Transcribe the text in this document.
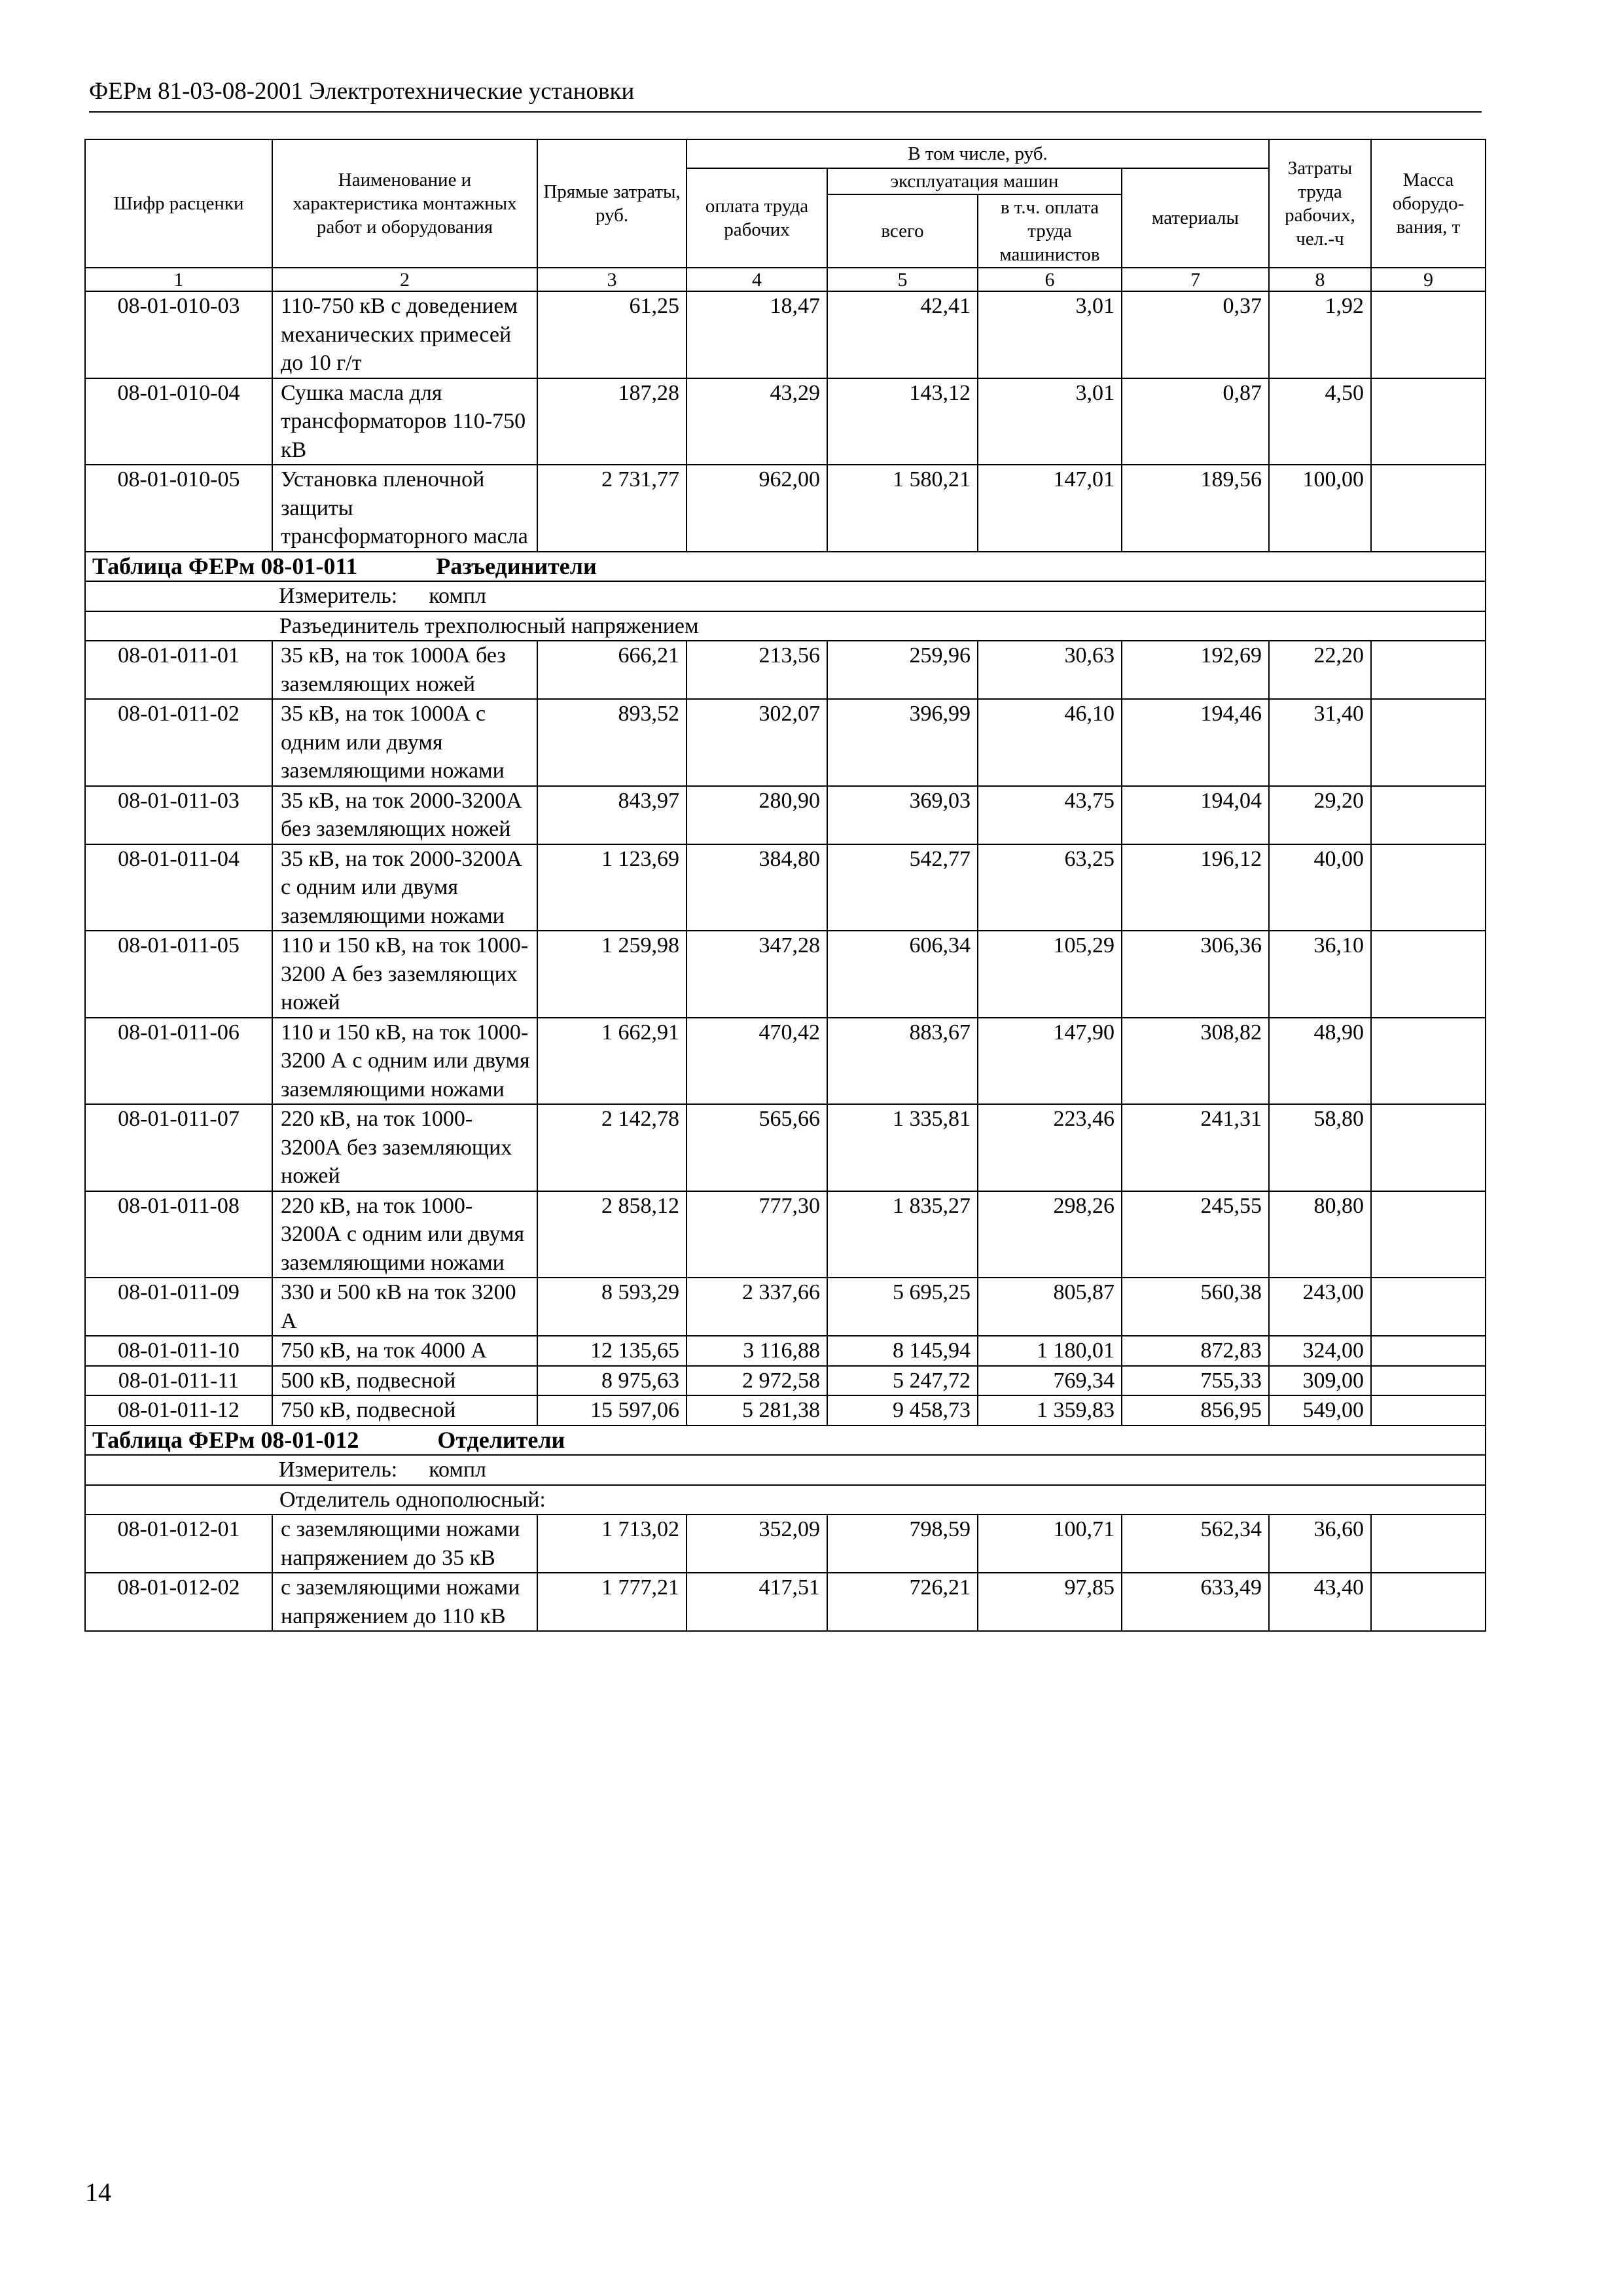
ФЕРм 81-03-08-2001 Электротехнические установки
Шифр расценки	Наименование и характеристика монтажных работ и оборудования	Прямые затраты, руб.	В том числе, руб.				Затраты труда рабочих, чел.-ч	Масса оборудо-вания, т
			оплата труда рабочих	эксплуатация машин		материалы		
				всего	в т.ч. оплата труда машинистов			
1	2	3	4	5	6	7	8	9
08-01-010-03	110-750 кВ с доведением механических примесей до 10 г/т	61,25	18,47	42,41	3,01	0,37	1,92	
08-01-010-04	Сушка масла для трансформаторов 110-750 кВ	187,28	43,29	143,12	3,01	0,87	4,50	
08-01-010-05	Установка пленочной защиты трансформаторного масла	2 731,77	962,00	1 580,21	147,01	189,56	100,00	
Таблица ФЕРм 08-01-011 Разъединители								
Измеритель: компл								
Разъединитель трехполюсный напряжением								
08-01-011-01	35 кВ, на ток 1000А без заземляющих ножей	666,21	213,56	259,96	30,63	192,69	22,20	
08-01-011-02	35 кВ, на ток 1000А с одним или двумя заземляющими ножами	893,52	302,07	396,99	46,10	194,46	31,40	
08-01-011-03	35 кВ, на ток 2000-3200А без заземляющих ножей	843,97	280,90	369,03	43,75	194,04	29,20	
08-01-011-04	35 кВ, на ток 2000-3200А с одним или двумя заземляющими ножами	1 123,69	384,80	542,77	63,25	196,12	40,00	
08-01-011-05	110 и 150 кВ, на ток 1000-3200 А без заземляющих ножей	1 259,98	347,28	606,34	105,29	306,36	36,10	
08-01-011-06	110 и 150 кВ, на ток 1000-3200 А с одним или двумя заземляющими ножами	1 662,91	470,42	883,67	147,90	308,82	48,90	
08-01-011-07	220 кВ, на ток 1000-3200А без заземляющих ножей	2 142,78	565,66	1 335,81	223,46	241,31	58,80	
08-01-011-08	220 кВ, на ток 1000-3200А с одним или двумя заземляющими ножами	2 858,12	777,30	1 835,27	298,26	245,55	80,80	
08-01-011-09	330 и 500 кВ на ток 3200 А	8 593,29	2 337,66	5 695,25	805,87	560,38	243,00	
08-01-011-10	750 кВ, на ток 4000 А	12 135,65	3 116,88	8 145,94	1 180,01	872,83	324,00	
08-01-011-11	500 кВ, подвесной	8 975,63	2 972,58	5 247,72	769,34	755,33	309,00	
08-01-011-12	750 кВ, подвесной	15 597,06	5 281,38	9 458,73	1 359,83	856,95	549,00	
Таблица ФЕРм 08-01-012 Отделители								
Измеритель: компл								
Отделитель однополюсный:								
08-01-012-01	с заземляющими ножами напряжением до 35 кВ	1 713,02	352,09	798,59	100,71	562,34	36,60	
08-01-012-02	с заземляющими ножами напряжением до 110 кВ	1 777,21	417,51	726,21	97,85	633,49	43,40	
14
